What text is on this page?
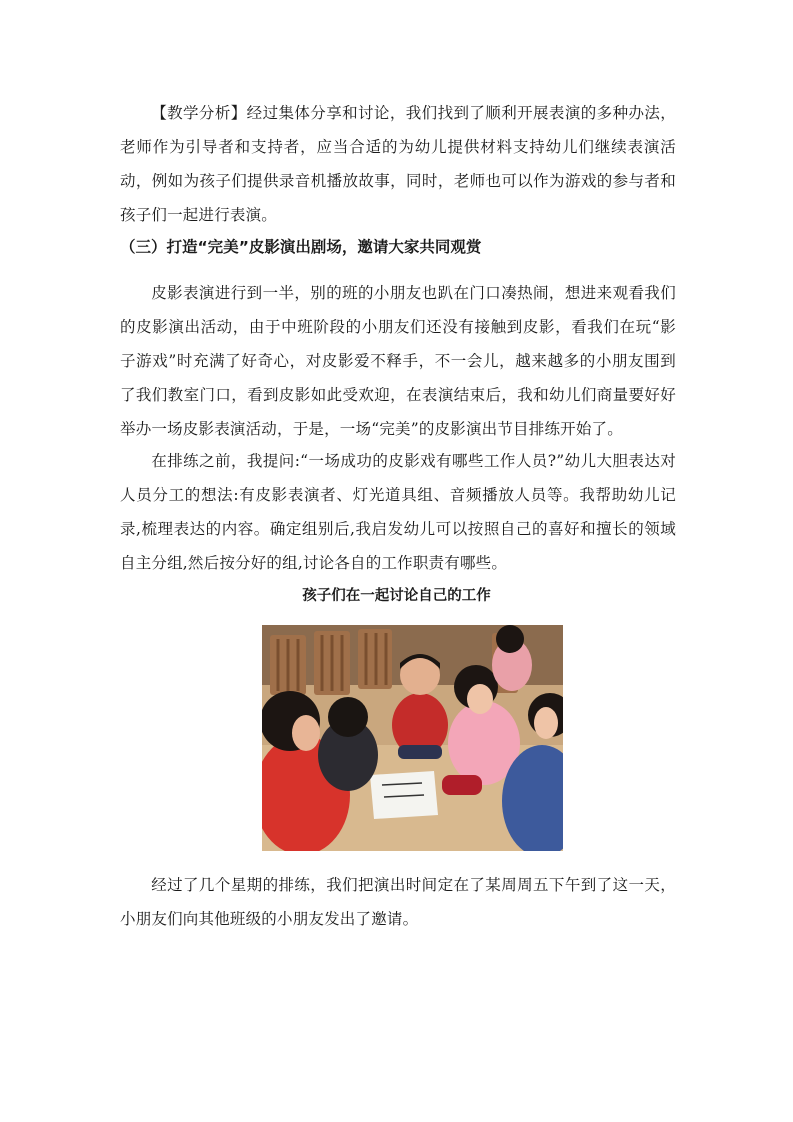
【教学分析】经过集体分享和讨论，我们找到了顺利开展表演的多种办法，老师作为引导者和支持者，应当合适的为幼儿提供材料支持幼儿们继续表演活动，例如为孩子们提供录音机播放故事，同时，老师也可以作为游戏的参与者和孩子们一起进行表演。

（三）打造“完美”皮影演出剧场，邀请大家共同观赏

皮影表演进行到一半，别的班的小朋友也趴在门口凑热闹，想进来观看我们的皮影演出活动，由于中班阶段的小朋友们还没有接触到皮影，看我们在玩“影子游戏”时充满了好奇心，对皮影爱不释手，不一会儿，越来越多的小朋友围到了我们教室门口，看到皮影如此受欢迎，在表演结束后，我和幼儿们商量要好好举办一场皮影表演活动，于是，一场“完美”的皮影演出节目排练开始了。

在排练之前，我提问:“一场成功的皮影戏有哪些工作人员?”幼儿大胆表达对人员分工的想法:有皮影表演者、灯光道具组、音频播放人员等。我帮助幼儿记录,梳理表达的内容。确定组别后,我启发幼儿可以按照自己的喜好和擅长的领域自主分组,然后按分好的组,讨论各自的工作职责有哪些。

孩子们在一起讨论自己的工作

经过了几个星期的排练，我们把演出时间定在了某周周五下午到了这一天，小朋友们向其他班级的小朋友发出了邀请。
